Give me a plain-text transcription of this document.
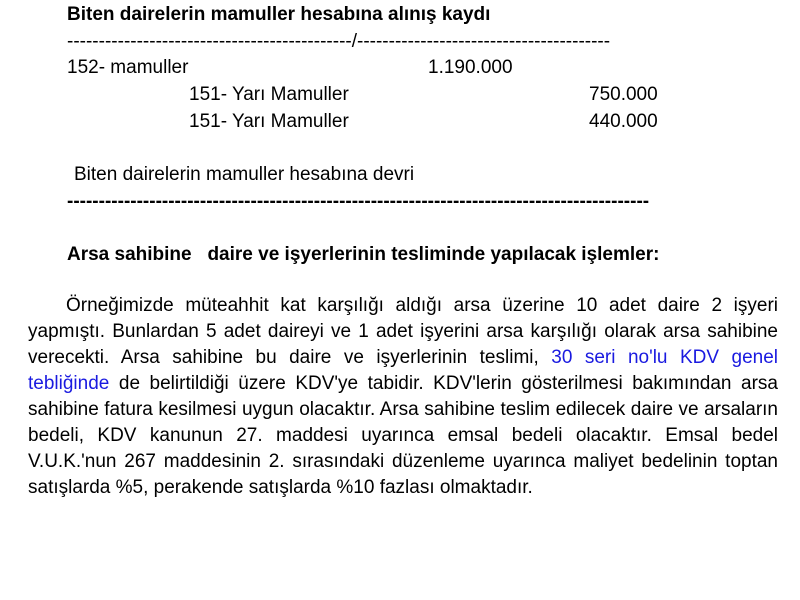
Biten dairelerin mamuller hesabına alınış kaydı
---------------------------------------------/----------------------------------------
152- mamuller	1.190.000
151- Yarı Mamuller	750.000
151- Yarı Mamuller	440.000
Biten dairelerin mamuller hesabına devri
--------------------------------------------------------------------------------------------
Arsa sahibine   daire ve işyerlerinin tesliminde yapılacak işlemler:
Örneğimizde müteahhit kat karşılığı aldığı arsa üzerine 10 adet daire 2 işyeri yapmıştı. Bunlardan 5 adet daireyi ve 1 adet işyerini arsa karşılığı olarak arsa sahibine verecekti. Arsa sahibine bu daire ve işyerlerinin teslimi, 30 seri no'lu KDV genel tebliğinde de belirtildiği üzere KDV'ye tabidir. KDV'lerin gösterilmesi bakımından arsa sahibine fatura kesilmesi uygun olacaktır. Arsa sahibine teslim edilecek daire ve arsaların bedeli, KDV kanunun 27. maddesi uyarınca emsal bedeli olacaktır. Emsal bedel V.U.K.'nun 267 maddesinin 2. sırasındaki düzenleme uyarınca maliyet bedelinin toptan satışlarda %5, perakende satışlarda %10 fazlası olmaktadır.
